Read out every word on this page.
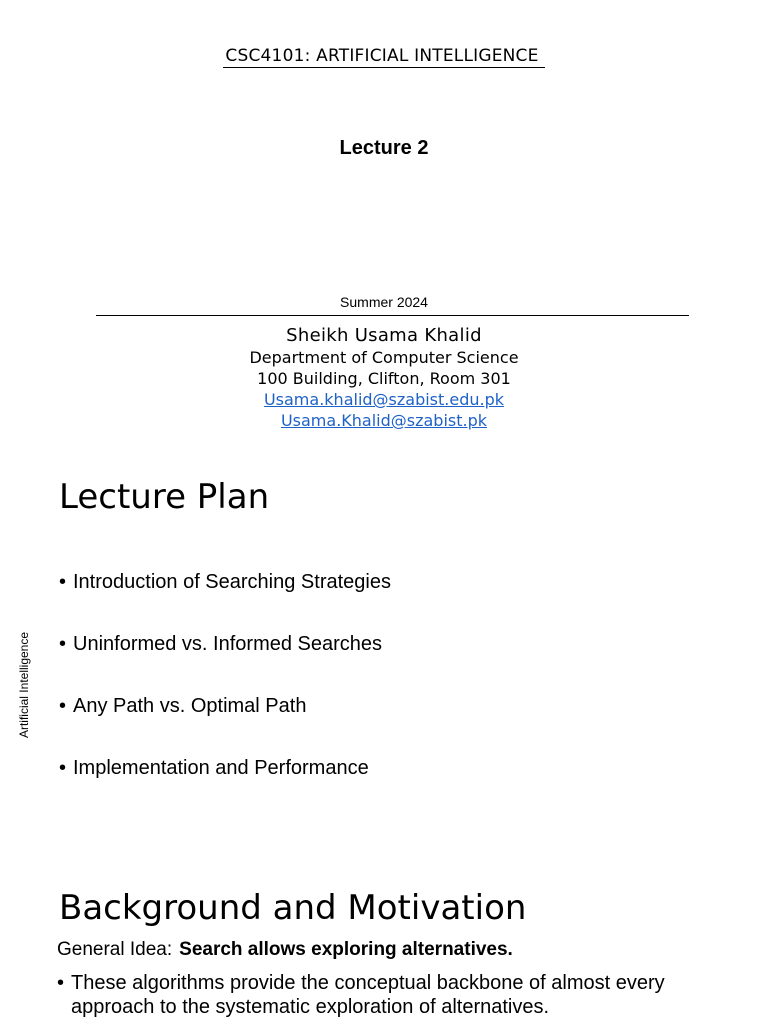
CSC4101: ARTIFICIAL INTELLIGENCE
Lecture 2
Summer 2024
Sheikh Usama Khalid
Department of Computer Science
100 Building, Clifton, Room 301
Usama.khalid@szabist.edu.pk
Usama.Khalid@szabist.pk
Artificial Intelligence
Lecture Plan
• Introduction of Searching Strategies
• Uninformed vs. Informed Searches
• Any Path vs. Optimal Path
• Implementation and Performance
Background and Motivation
General Idea: Search allows exploring alternatives.
• These algorithms provide the conceptual backbone of almost every approach to the systematic exploration of alternatives.
